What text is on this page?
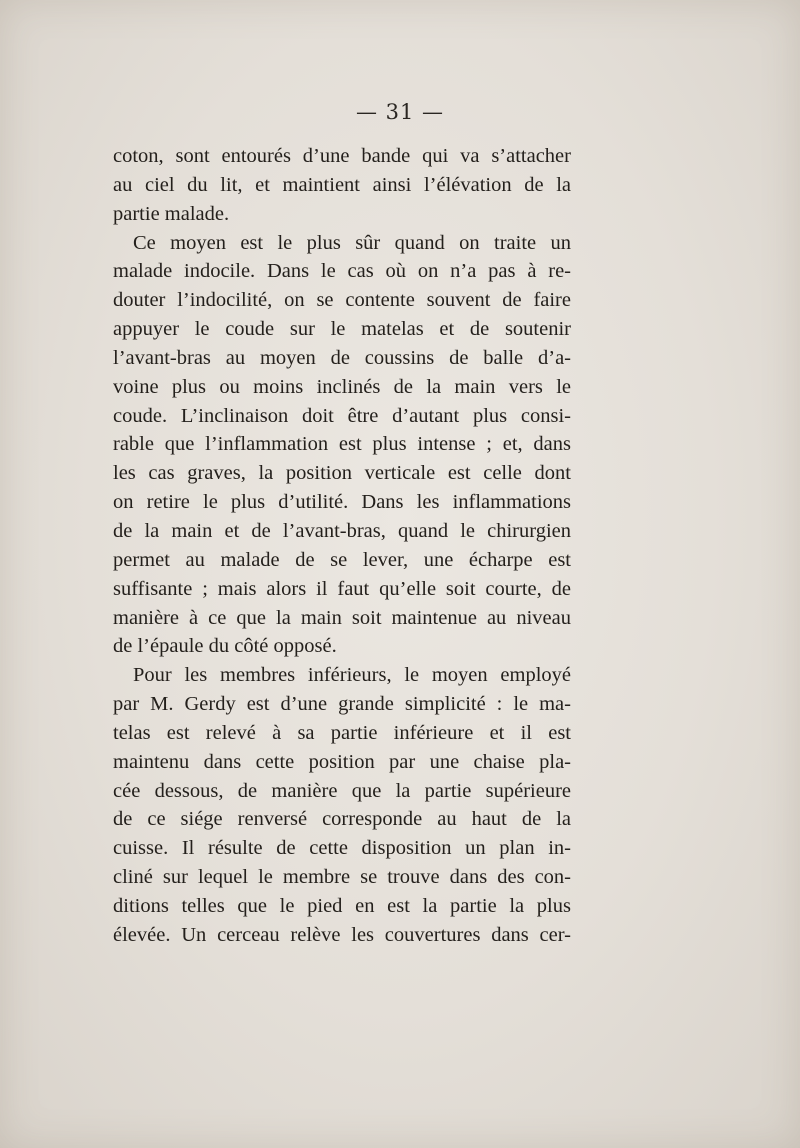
— 31 —
coton, sont entourés d’une bande qui va s’attacher
au ciel du lit, et maintient ainsi l’élévation de la
partie malade.
Ce moyen est le plus sûr quand on traite un
malade indocile. Dans le cas où on n’a pas à re-
douter l’indocilité, on se contente souvent de faire
appuyer le coude sur le matelas et de soutenir
l’avant-bras au moyen de coussins de balle d’a-
voine plus ou moins inclinés de la main vers le
coude. L’inclinaison doit être d’autant plus consi-
rable que l’inflammation est plus intense ; et, dans
les cas graves, la position verticale est celle dont
on retire le plus d’utilité. Dans les inflammations
de la main et de l’avant-bras, quand le chirurgien
permet au malade de se lever, une écharpe est
suffisante ; mais alors il faut qu’elle soit courte, de
manière à ce que la main soit maintenue au niveau
de l’épaule du côté opposé.
Pour les membres inférieurs, le moyen employé
par M. Gerdy est d’une grande simplicité : le ma-
telas est relevé à sa partie inférieure et il est
maintenu dans cette position par une chaise pla-
cée dessous, de manière que la partie supérieure
de ce siége renversé corresponde au haut de la
cuisse. Il résulte de cette disposition un plan in-
cliné sur lequel le membre se trouve dans des con-
ditions telles que le pied en est la partie la plus
élevée. Un cerceau relève les couvertures dans cer-
